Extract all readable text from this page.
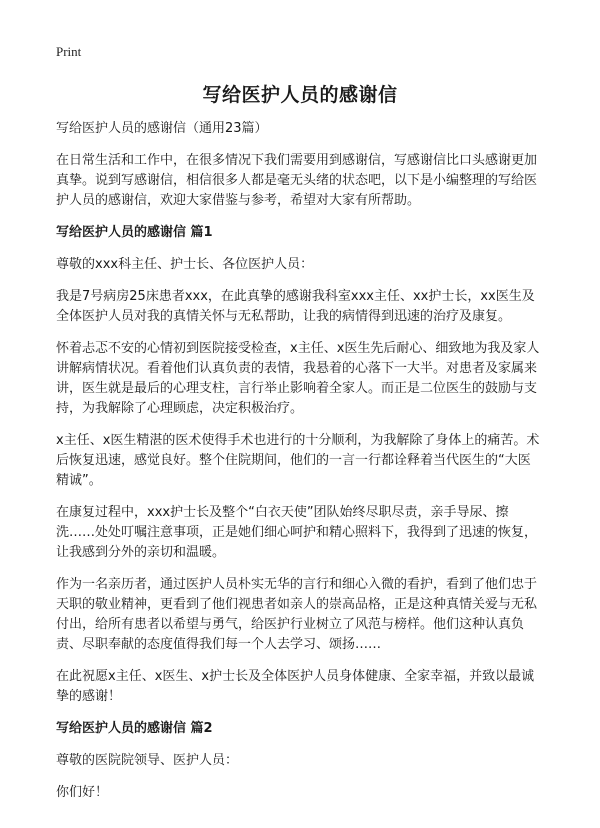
Print
写给医护人员的感谢信

写给医护人员的感谢信（通用23篇）

在日常生活和工作中，在很多情况下我们需要用到感谢信，写感谢信比口头感谢更加真挚。说到写感谢信，相信很多人都是毫无头绪的状态吧，以下是小编整理的写给医护人员的感谢信，欢迎大家借鉴与参考，希望对大家有所帮助。

写给医护人员的感谢信 篇1

尊敬的xxx科主任、护士长、各位医护人员：

我是7号病房25床患者xxx，在此真挚的感谢我科室xxx主任、xx护士长，xx医生及全体医护人员对我的真情关怀与无私帮助，让我的病情得到迅速的治疗及康复。

怀着忐忑不安的心情初到医院接受检查，x主任、x医生先后耐心、细致地为我及家人讲解病情状况。看着他们认真负责的表情，我悬着的心落下一大半。对患者及家属来讲，医生就是最后的心理支柱，言行举止影响着全家人。而正是二位医生的鼓励与支持，为我解除了心理顾虑，决定积极治疗。

x主任、x医生精湛的医术使得手术也进行的十分顺利，为我解除了身体上的痛苦。术后恢复迅速，感觉良好。整个住院期间，他们的一言一行都诠释着当代医生的“大医精诚”。

在康复过程中，xxx护士长及整个“白衣天使”团队始终尽职尽责，亲手导尿、擦洗……处处叮嘱注意事项，正是她们细心呵护和精心照料下，我得到了迅速的恢复，让我感到分外的亲切和温暖。

作为一名亲历者，通过医护人员朴实无华的言行和细心入微的看护，看到了他们忠于天职的敬业精神，更看到了他们视患者如亲人的崇高品格，正是这种真情关爱与无私付出，给所有患者以希望与勇气，给医护行业树立了风范与榜样。他们这种认真负责、尽职奉献的态度值得我们每一个人去学习、颂扬……

在此祝愿x主任、x医生、x护士长及全体医护人员身体健康、全家幸福，并致以最诚挚的感谢！

写给医护人员的感谢信 篇2

尊敬的医院院领导、医护人员：

你们好！
